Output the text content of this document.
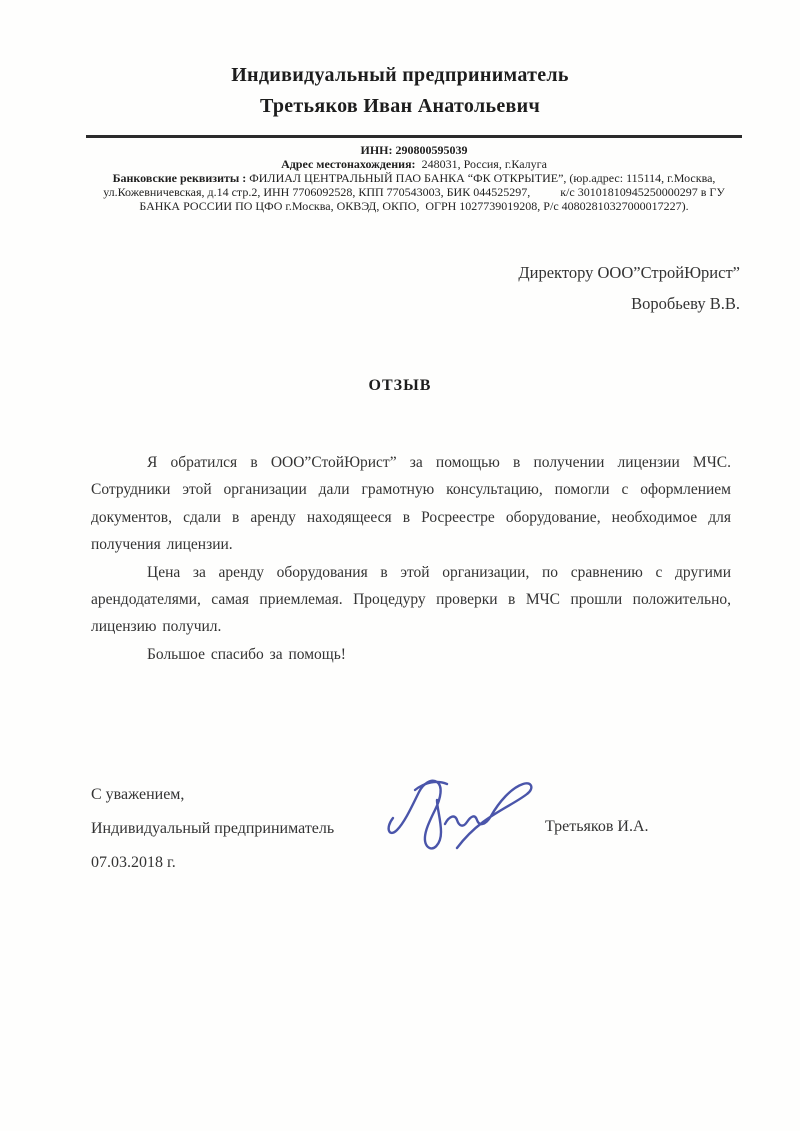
Индивидуальный предприниматель
Третьяков Иван Анатольевич
ИНН: 290800595039
Адрес местонахождения:  248031, Россия, г.Калуга
Банковские реквизиты : ФИЛИАЛ ЦЕНТРАЛЬНЫЙ ПАО БАНКА “ФК ОТКРЫТИЕ”, (юр.адрес: 115114, г.Москва,
ул.Кожевничевская, д.14 стр.2, ИНН 7706092528, КПП 770543003, БИК 044525297,          к/с 30101810945250000297 в ГУ
БАНКА РОССИИ ПО ЦФО г.Москва, ОКВЭД, ОКПО,  ОГРН 1027739019208, Р/с 40802810327000017227).
Директору ООО”СтройЮрист”
Воробьеву В.В.
ОТЗЫВ

Я обратился в ООО”СтойЮрист” за помощью в получении лицензии МЧС. Сотрудники этой организации дали грамотную консультацию, помогли с оформлением документов, сдали в аренду находящееся в Росреестре оборудование, необходимое для получения лицензии.

Цена за аренду оборудования в этой организации, по сравнению с другими арендодателями, самая приемлемая. Процедуру проверки в МЧС прошли положительно, лицензию получил.

Большое спасибо за помощь!

С уважением,
Индивидуальный предприниматель	Третьяков И.А.
07.03.2018 г.
